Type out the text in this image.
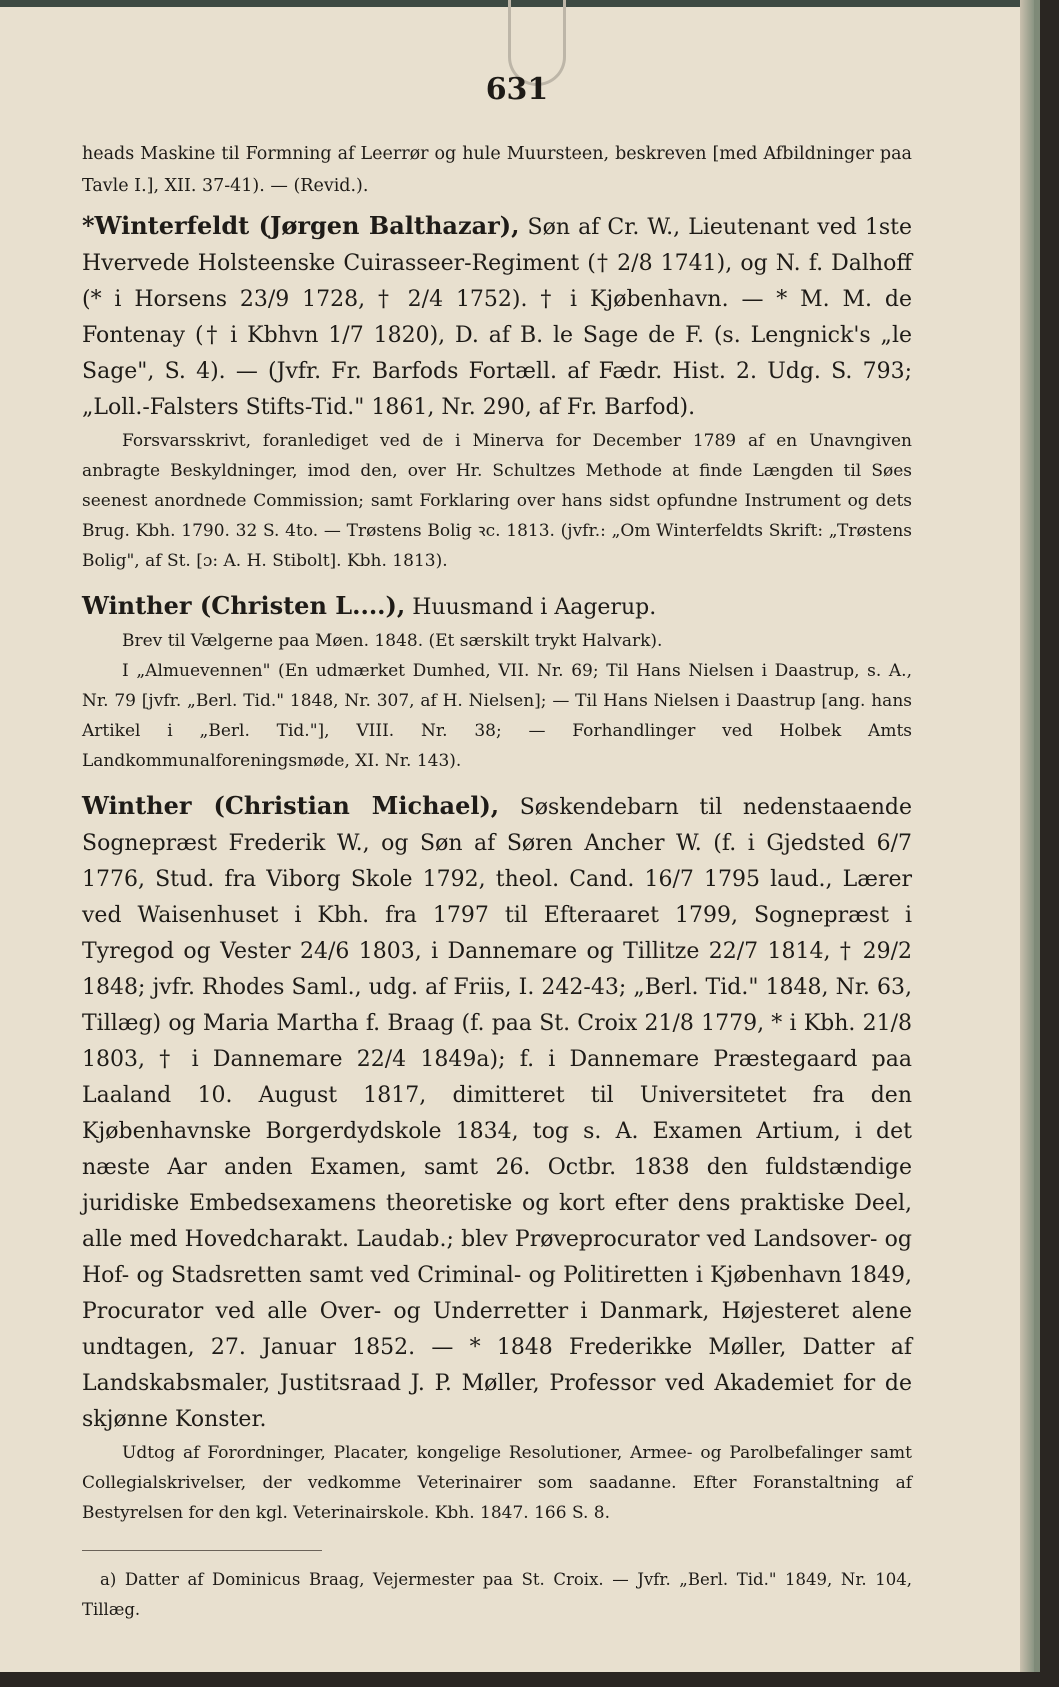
631

heads Maskine til Formning af Leerrør og hule Muursteen, beskreven [med Afbildninger paa Tavle I.], XII. 37-41). — (Revid.).

*Winterfeldt (Jørgen Balthazar), Søn af Cr. W., Lieutenant ved 1ste Hvervede Holsteenske Cuirasseer-Regiment († 2/8 1741), og N. f. Dalhoff (* i Horsens 23/9 1728, † 2/4 1752). † i Kjøbenhavn. — * M. M. de Fontenay († i Kbhvn 1/7 1820), D. af B. le Sage de F. (s. Lengnick's „le Sage", S. 4). — (Jvfr. Fr. Barfods Fortæll. af Fædr. Hist. 2. Udg. S. 793; „Loll.-Falsters Stifts-Tid." 1861, Nr. 290, af Fr. Barfod).

Forsvarsskrivt, foranlediget ved de i Minerva for December 1789 af en Unavngiven anbragte Beskyldninger, imod den, over Hr. Schultzes Methode at finde Længden til Søes seenest anordnede Commission; samt Forklaring over hans sidst opfundne Instrument og dets Brug. Kbh. 1790. 32 S. 4to. — Trøstens Bolig ꝛc. 1813. (jvfr.: „Om Winterfeldts Skrift: „Trøstens Bolig", af St. [ɔ: A. H. Stibolt]. Kbh. 1813).

Winther (Christen L....), Huusmand i Aagerup.

Brev til Vælgerne paa Møen. 1848. (Et særskilt trykt Halvark).

I „Almuevennen" (En udmærket Dumhed, VII. Nr. 69; Til Hans Nielsen i Daastrup, s. A., Nr. 79 [jvfr. „Berl. Tid." 1848, Nr. 307, af H. Nielsen]; — Til Hans Nielsen i Daastrup [ang. hans Artikel i „Berl. Tid."], VIII. Nr. 38; — Forhandlinger ved Holbek Amts Landkommunalforeningsmøde, XI. Nr. 143).

Winther (Christian Michael), Søskendebarn til nedenstaaende Sognepræst Frederik W., og Søn af Søren Ancher W. (f. i Gjedsted 6/7 1776, Stud. fra Viborg Skole 1792, theol. Cand. 16/7 1795 laud., Lærer ved Waisenhuset i Kbh. fra 1797 til Efteraaret 1799, Sognepræst i Tyregod og Vester 24/6 1803, i Dannemare og Tillitze 22/7 1814, † 29/2 1848; jvfr. Rhodes Saml., udg. af Friis, I. 242-43; „Berl. Tid." 1848, Nr. 63, Tillæg) og Maria Martha f. Braag (f. paa St. Croix 21/8 1779, * i Kbh. 21/8 1803, † i Dannemare 22/4 1849a); f. i Dannemare Præstegaard paa Laaland 10. August 1817, dimitteret til Universitetet fra den Kjøbenhavnske Borgerdydskole 1834, tog s. A. Examen Artium, i det næste Aar anden Examen, samt 26. Octbr. 1838 den fuldstændige juridiske Embedsexamens theoretiske og kort efter dens praktiske Deel, alle med Hovedcharakt. Laudab.; blev Prøveprocurator ved Landsover- og Hof- og Stadsretten samt ved Criminal- og Politiretten i Kjøbenhavn 1849, Procurator ved alle Over- og Underretter i Danmark, Højesteret alene undtagen, 27. Januar 1852. — * 1848 Frederikke Møller, Datter af Landskabsmaler, Justitsraad J. P. Møller, Professor ved Akademiet for de skjønne Konster.

Udtog af Forordninger, Placater, kongelige Resolutioner, Armee- og Parolbefalinger samt Collegialskrivelser, der vedkomme Veterinairer som saadanne. Efter Foranstaltning af Bestyrelsen for den kgl. Veterinairskole. Kbh. 1847. 166 S. 8.

a) Datter af Dominicus Braag, Vejermester paa St. Croix. — Jvfr. „Berl. Tid." 1849, Nr. 104, Tillæg.
